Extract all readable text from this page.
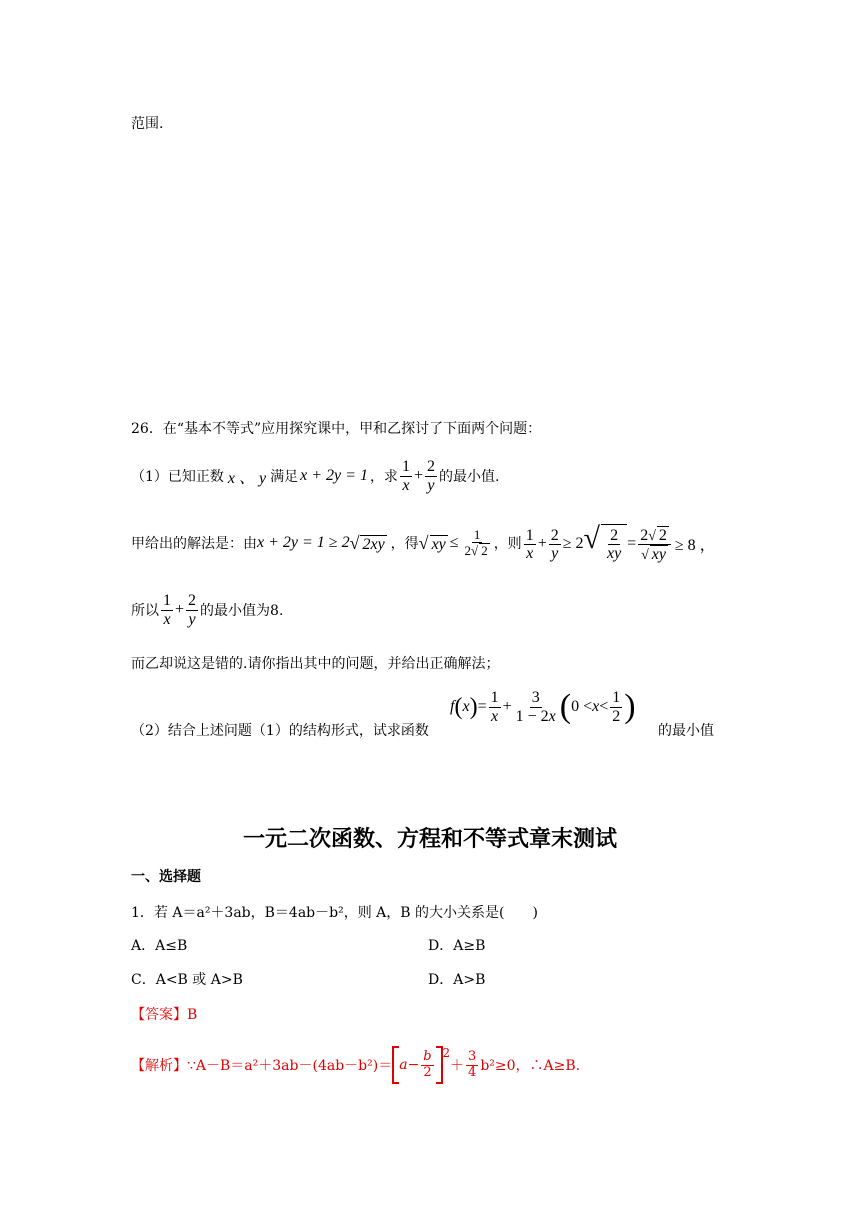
范围.
26．在“基本不等式”应用探究课中，甲和乙探讨了下面两个问题：
（1）已知正数 x 、 y 满足 x + 2y = 1 ，求 $\frac{1}{x} + \frac{2}{y}$ 的最小值.
甲给出的解法是：由 x + 2y = 1 ≥ 2 √ 2xy ，得 √ xy ≤ $\frac{1}{2√ 2}$ ，则 $\frac{1}{x} + \frac{2}{y} \ge 2√ \frac{2}{xy} = \frac{2√ 2}{√ xy} \ge 8$ ，
所以 $\frac{1}{x} + \frac{2}{y}$ 的最小值为8.
而乙却说这是错的.请你指出其中的问题，并给出正确解法；
（2）结合上述问题（1）的结构形式，试求函数
f ( x ) = $\frac{1}{x} + \frac{3}{1 - 2x}$ ( $0 < x < \frac{1}{2}$ )
的最小值
一元二次函数、方程和不等式章末测试
一、选择题
1．若 A＝a²＋3ab，B＝4ab－b²，则 A，B 的大小关系是(　　)
A．A≤B	D．A≥B
C．A<B 或 A>B	D．A>B
【答案】B
【解析】 ∵A－B＝a²＋3ab－(4ab－b²)＝ $a - \frac{b}{2} ^2$
＋ $\frac{3}{4} b^2\ge 0$，∴A≥B.
